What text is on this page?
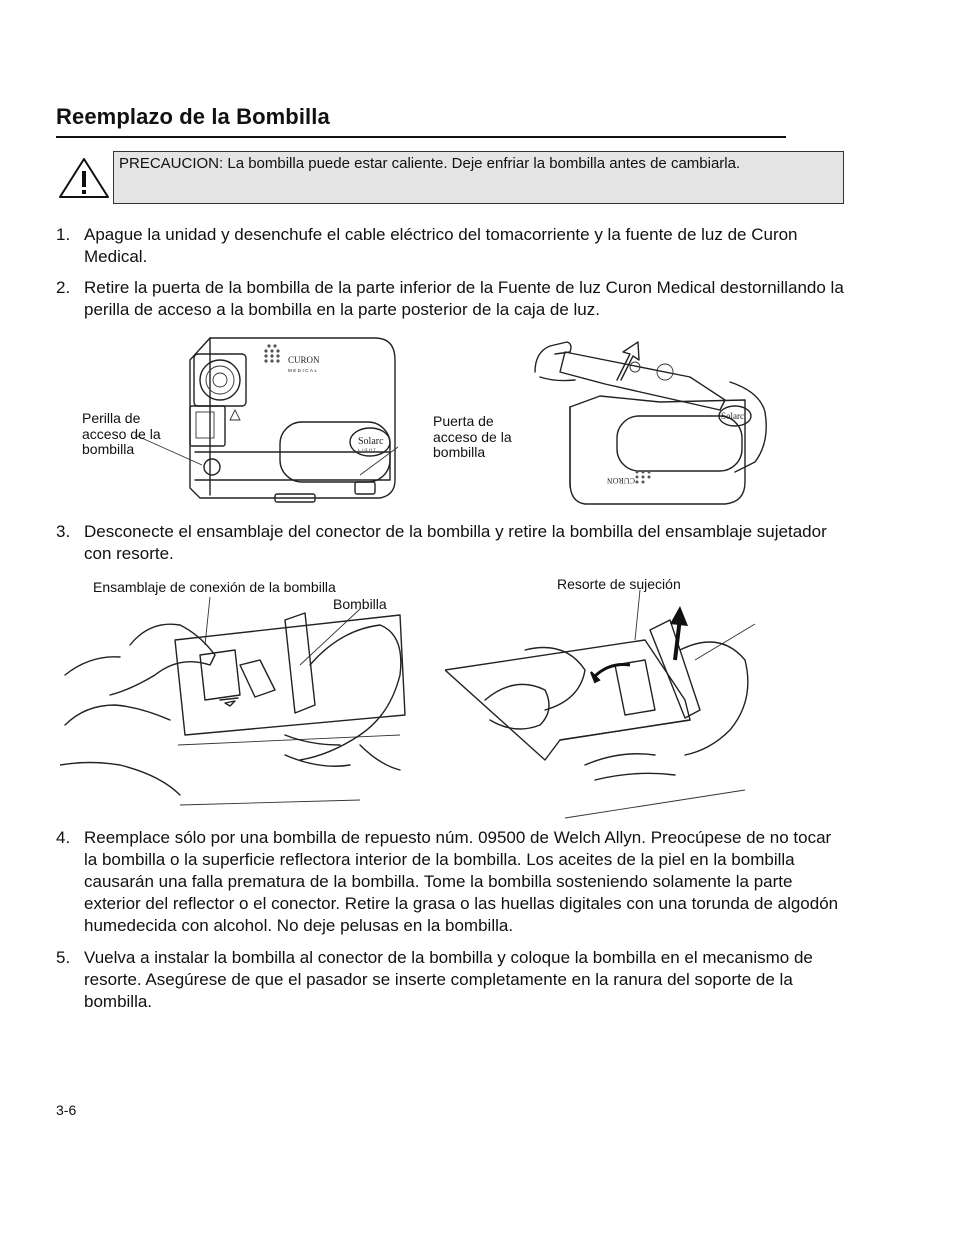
Reemplazo de la Bombilla
PRECAUCION: La bombilla puede estar caliente. Deje enfriar la bombilla antes de cambiarla.
1. Apague la unidad y desenchufe el cable eléctrico del tomacorriente y la fuente de luz de Curon Medical.
2. Retire la puerta de la bombilla de la parte inferior de la Fuente de luz Curon Medical destornillando la perilla de acceso a la bombilla en la parte posterior de la caja de luz.
CURON
MEDICAL
Solarc
LIGHT
Perilla de acceso de la bombilla
Puerta de acceso de la bombilla
Solarc
CURON
3. Desconecte el ensamblaje del conector de la bombilla y retire la bombilla del ensamblaje sujetador con resorte.
Ensamblaje de conexión de la bombilla
Bombilla
Resorte de sujeción
4. Reemplace sólo por una bombilla de repuesto núm. 09500 de Welch Allyn. Preocúpese de no tocar la bombilla o la superficie reflectora interior de la bombilla. Los aceites de la piel en la bombilla causarán una falla prematura de la bombilla. Tome la bombilla sosteniendo solamente la parte exterior del reflector o el conector. Retire la grasa o las huellas digitales con una torunda de algodón humedecida con alcohol. No deje pelusas en la bombilla.
5. Vuelva a instalar la bombilla al conector de la bombilla y coloque la bombilla en el mecanismo de resorte. Asegúrese de que el pasador se inserte completamente en la ranura del soporte de la bombilla.
3-6
